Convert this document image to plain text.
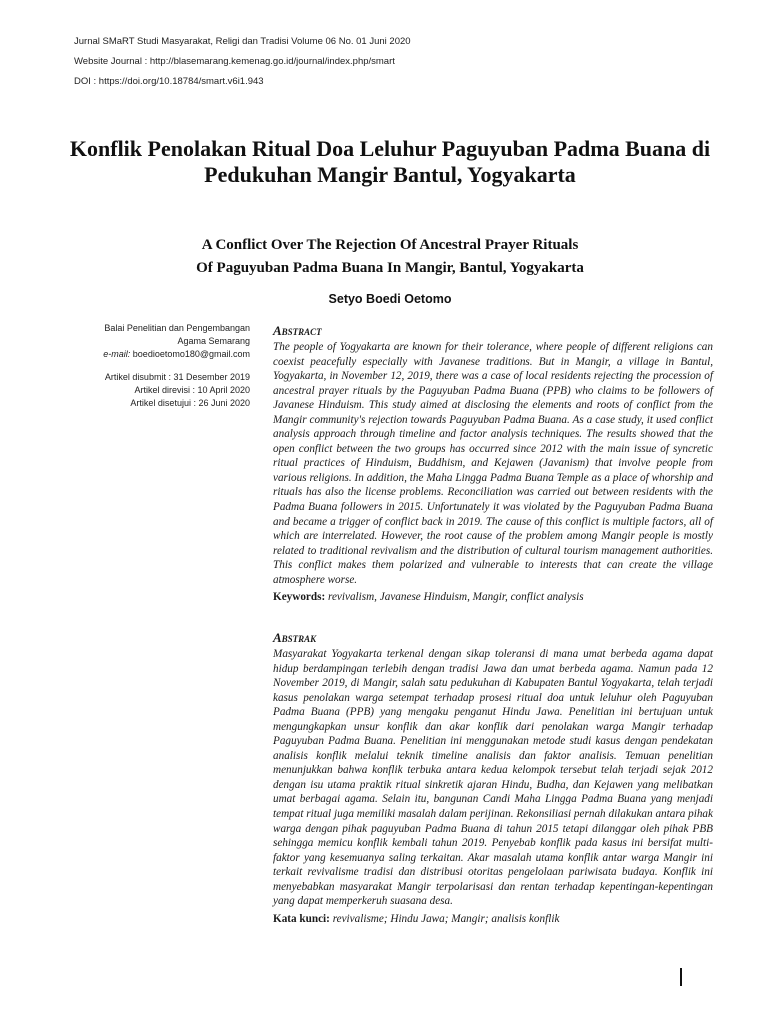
Jurnal SMaRT Studi Masyarakat, Religi dan Tradisi Volume 06 No. 01 Juni 2020
Website Journal : http://blasemarang.kemenag.go.id/journal/index.php/smart
DOI : https://doi.org/10.18784/smart.v6i1.943
Konflik Penolakan Ritual Doa Leluhur Paguyuban Padma Buana di Pedukuhan Mangir Bantul, Yogyakarta
A Conflict Over The Rejection Of Ancestral Prayer Rituals
Of Paguyuban Padma Buana In Mangir, Bantul, Yogyakarta
Setyo Boedi Oetomo
Balai Penelitian dan Pengembangan
Agama Semarang
e-mail: boedioetomo180@gmail.com
Artikel disubmit : 31 Desember 2019
Artikel direvisi : 10 April 2020
Artikel disetujui : 26 Juni 2020
Abstract
The people of Yogyakarta are known for their tolerance, where people of different religions can coexist peacefully especially with Javanese traditions. But in Mangir, a village in Bantul, Yogyakarta, in November 12, 2019, there was a case of local residents rejecting the procession of ancestral prayer rituals by the Paguyuban Padma Buana (PPB) who claims to be followers of Javanese Hinduism. This study aimed at disclosing the elements and roots of conflict from the Mangir community's rejection towards Paguyuban Padma Buana. As a case study, it used conflict analysis approach through timeline and factor analysis techniques. The results showed that the open conflict between the two groups has occurred since 2012 with the main issue of syncretic ritual practices of Hinduism, Buddhism, and Kejawen (Javanism) that involve people from various religions. In addition, the Maha Lingga Padma Buana Temple as a place of whorship and rituals has also the license problems. Reconciliation was carried out between residents with the Padma Buana followers in 2015. Unfortunately it was violated by the Paguyuban Padma Buana and became a trigger of conflict back in 2019. The cause of this conflict is multiple factors, all of which are interrelated. However, the root cause of the problem among Mangir people is mostly related to traditional revivalism and the distribution of cultural tourism management authorities. This conflict makes them polarized and vulnerable to interests that can create the village atmosphere worse.
Keywords: revivalism, Javanese Hinduism, Mangir, conflict analysis
Abstrak
Masyarakat Yogyakarta terkenal dengan sikap toleransi di mana umat berbeda agama dapat hidup berdampingan terlebih dengan tradisi Jawa dan umat berbeda agama. Namun pada 12 November 2019, di Mangir, salah satu pedukuhan di Kabupaten Bantul Yogyakarta, telah terjadi kasus penolakan warga setempat terhadap prosesi ritual doa untuk leluhur oleh Paguyuban Padma Buana (PPB) yang mengaku penganut Hindu Jawa. Penelitian ini bertujuan untuk mengungkapkan unsur konflik dan akar konflik dari penolakan warga Mangir terhadap Paguyuban Padma Buana. Penelitian ini menggunakan metode studi kasus dengan pendekatan analisis konflik melalui teknik timeline analisis dan faktor analisis. Temuan penelitian menunjukkan bahwa konflik terbuka antara kedua kelompok tersebut telah terjadi sejak 2012 dengan isu utama praktik ritual sinkretik ajaran Hindu, Budha, dan Kejawen yang melibatkan umat berbagai agama. Selain itu, bangunan Candi Maha Lingga Padma Buana yang menjadi tempat ritual juga memiliki masalah dalam perijinan. Rekonsiliasi pernah dilakukan antara pihak warga dengan pihak paguyuban Padma Buana di tahun 2015 tetapi dilanggar oleh pihak PBB sehingga memicu konflik kembali tahun 2019. Penyebab konflik pada kasus ini bersifat multi-faktor yang kesemuanya saling terkaitan. Akar masalah utama konflik antar warga Mangir ini terkait revivalisme tradisi dan distribusi otoritas pengelolaan pariwisata budaya. Konflik ini menyebabkan masyarakat Mangir terpolarisasi dan rentan terhadap kepentingan-kepentingan yang dapat memperkeruh suasana desa.
Kata kunci: revivalisme; Hindu Jawa; Mangir; analisis konflik
